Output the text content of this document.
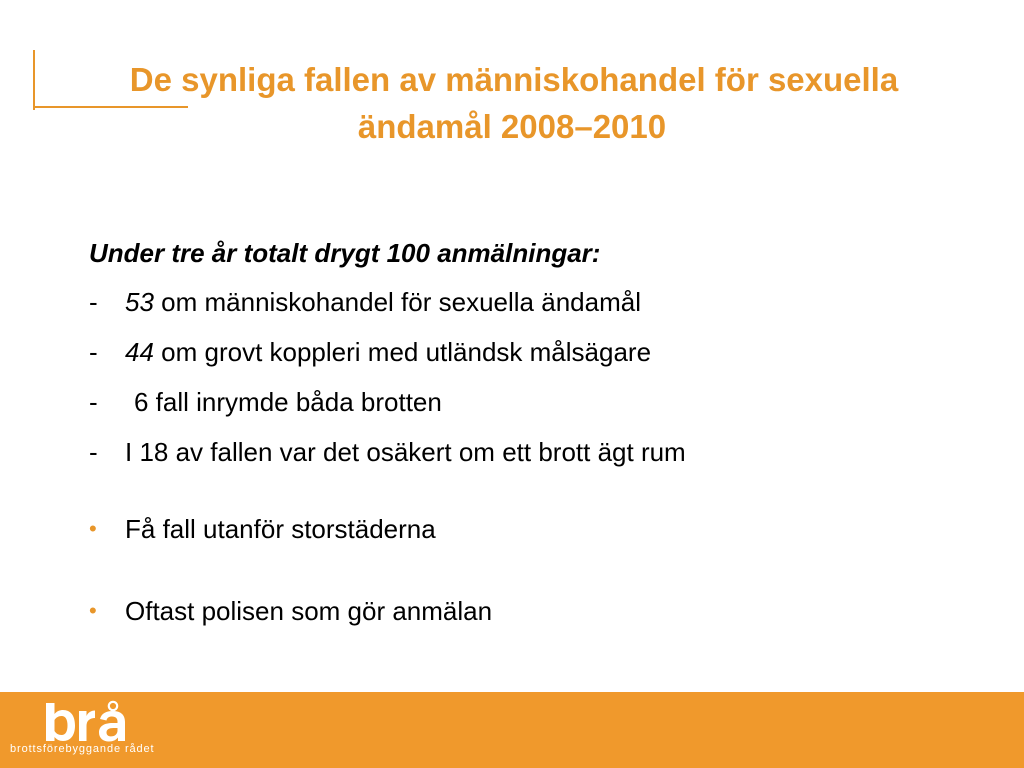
De synliga fallen av människohandel för sexuella
ändamål 2008–2010
Under tre år totalt drygt 100 anmälningar:
- 53 om människohandel för sexuella ändamål
- 44 om grovt koppleri med utländsk målsägare
-	6 fall inrymde båda brotten
- I 18 av fallen var det osäkert om ett brott ägt rum
• Få fall utanför storstäderna
• Oftast polisen som gör anmälan
brottsförebyggande rådet
